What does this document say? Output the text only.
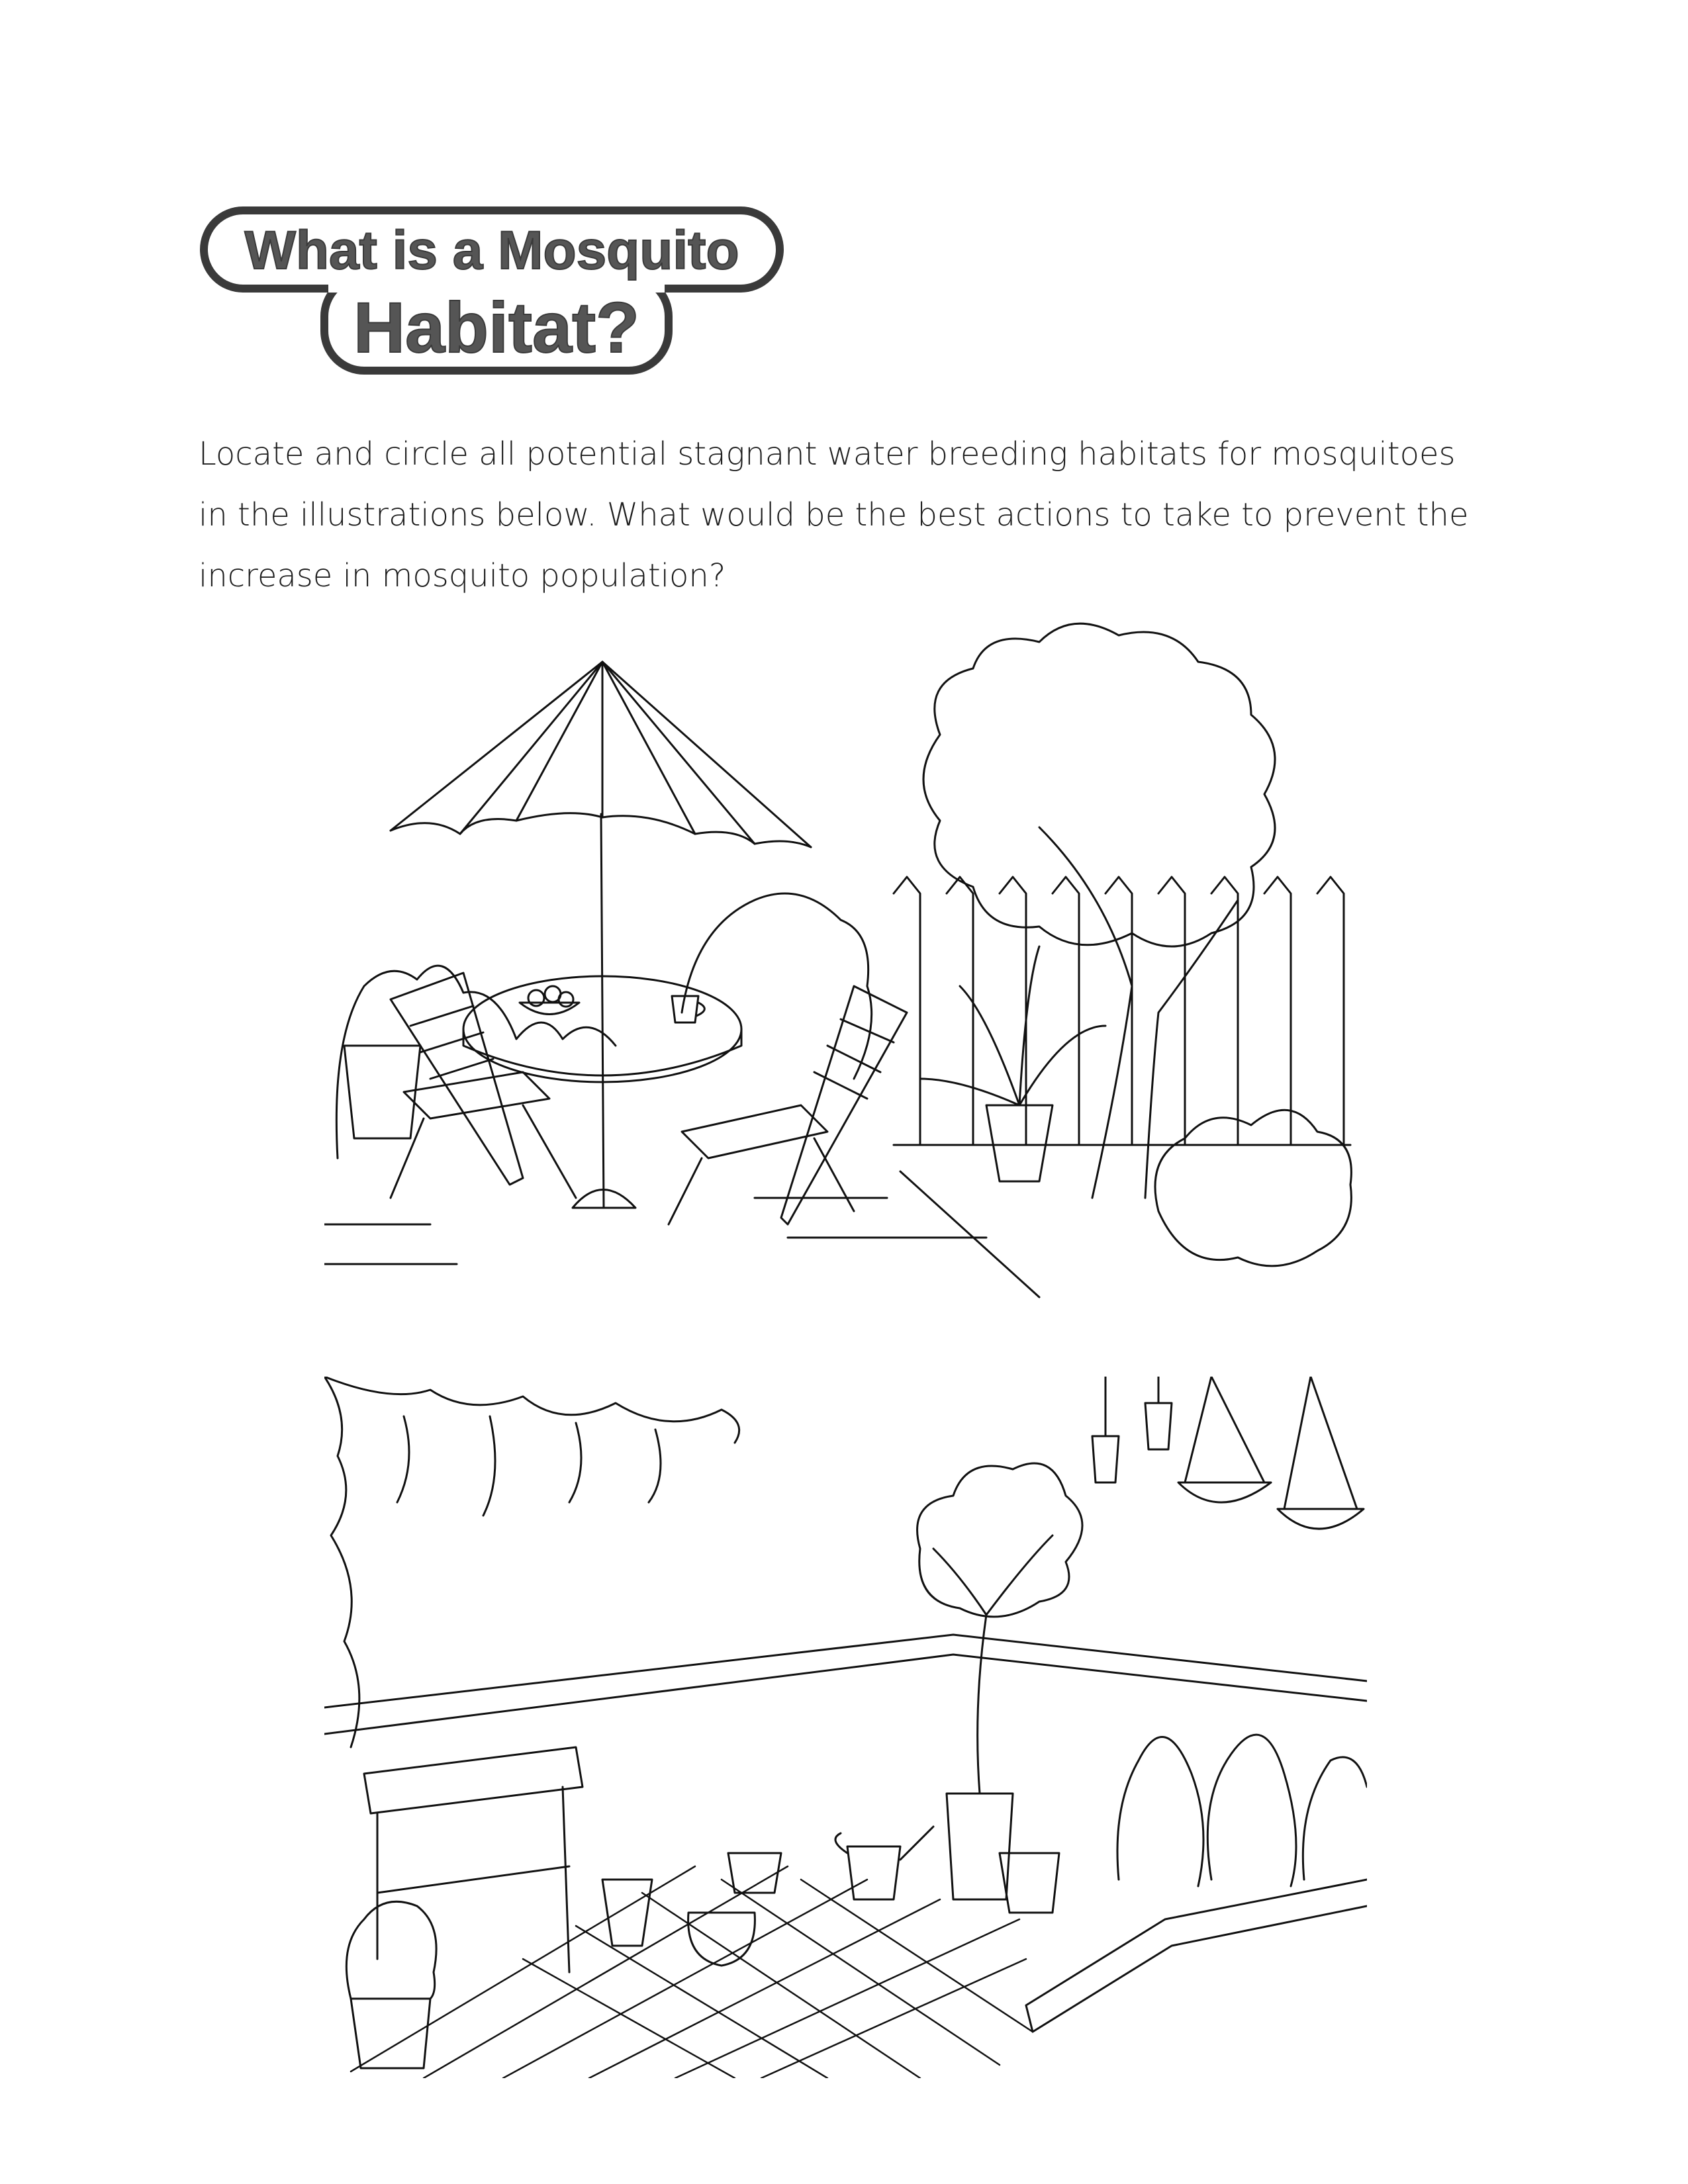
What is a Mosquito
Habitat?

Locate and circle all potential stagnant water breeding habitats for mosquitoes in the illustrations below. What would be the best actions to take to prevent the increase in mosquito population?
